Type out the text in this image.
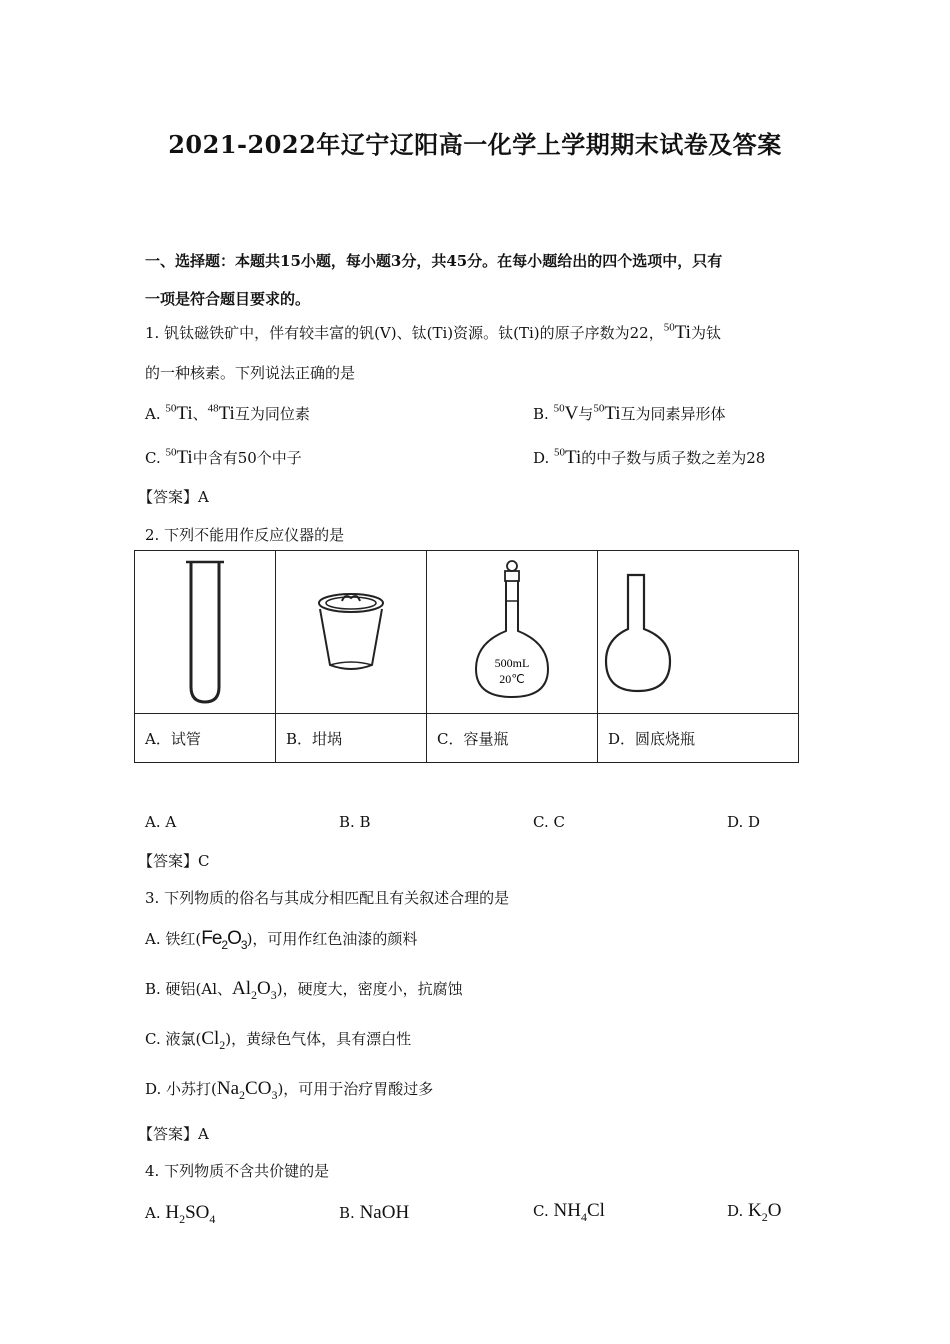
2021-2022年辽宁辽阳高一化学上学期期末试卷及答案
一、选择题：本题共15小题，每小题3分，共45分。在每小题给出的四个选项中，只有
一项是符合题目要求的。
1. 钒钛磁铁矿中，伴有较丰富的钒(V)、钛(Ti)资源。钛(Ti)的原子序数为22，$^{50}$Ti为钛
的一种核素。下列说法正确的是
A. $^{50}$Ti、$^{48}$Ti互为同位素	B. $^{50}$V与$^{50}$Ti互为同素异形体
C. $^{50}$Ti中含有50个中子	D. $^{50}$Ti的中子数与质子数之差为28
【答案】A
2. 下列不能用作反应仪器的是

500mL
20℃

A．试管	B．坩埚	C．容量瓶	D．圆底烧瓶
A. A	B. B	C. C	D. D
【答案】C
3. 下列物质的俗名与其成分相匹配且有关叙述合理的是
A. 铁红$(Fe_2O_3)$，可用作红色油漆的颜料
B. 硬铝(Al、$Al_2O_3$)，硬度大，密度小，抗腐蚀
C. 液氯$(Cl_2)$，黄绿色气体，具有漂白性
D. 小苏打$(Na_2CO_3)$，可用于治疗胃酸过多
【答案】A
4. 下列物质不含共价键的是
A. $H_2SO_4$	B. NaOH	C. $NH_4Cl$	D. $K_2O$
